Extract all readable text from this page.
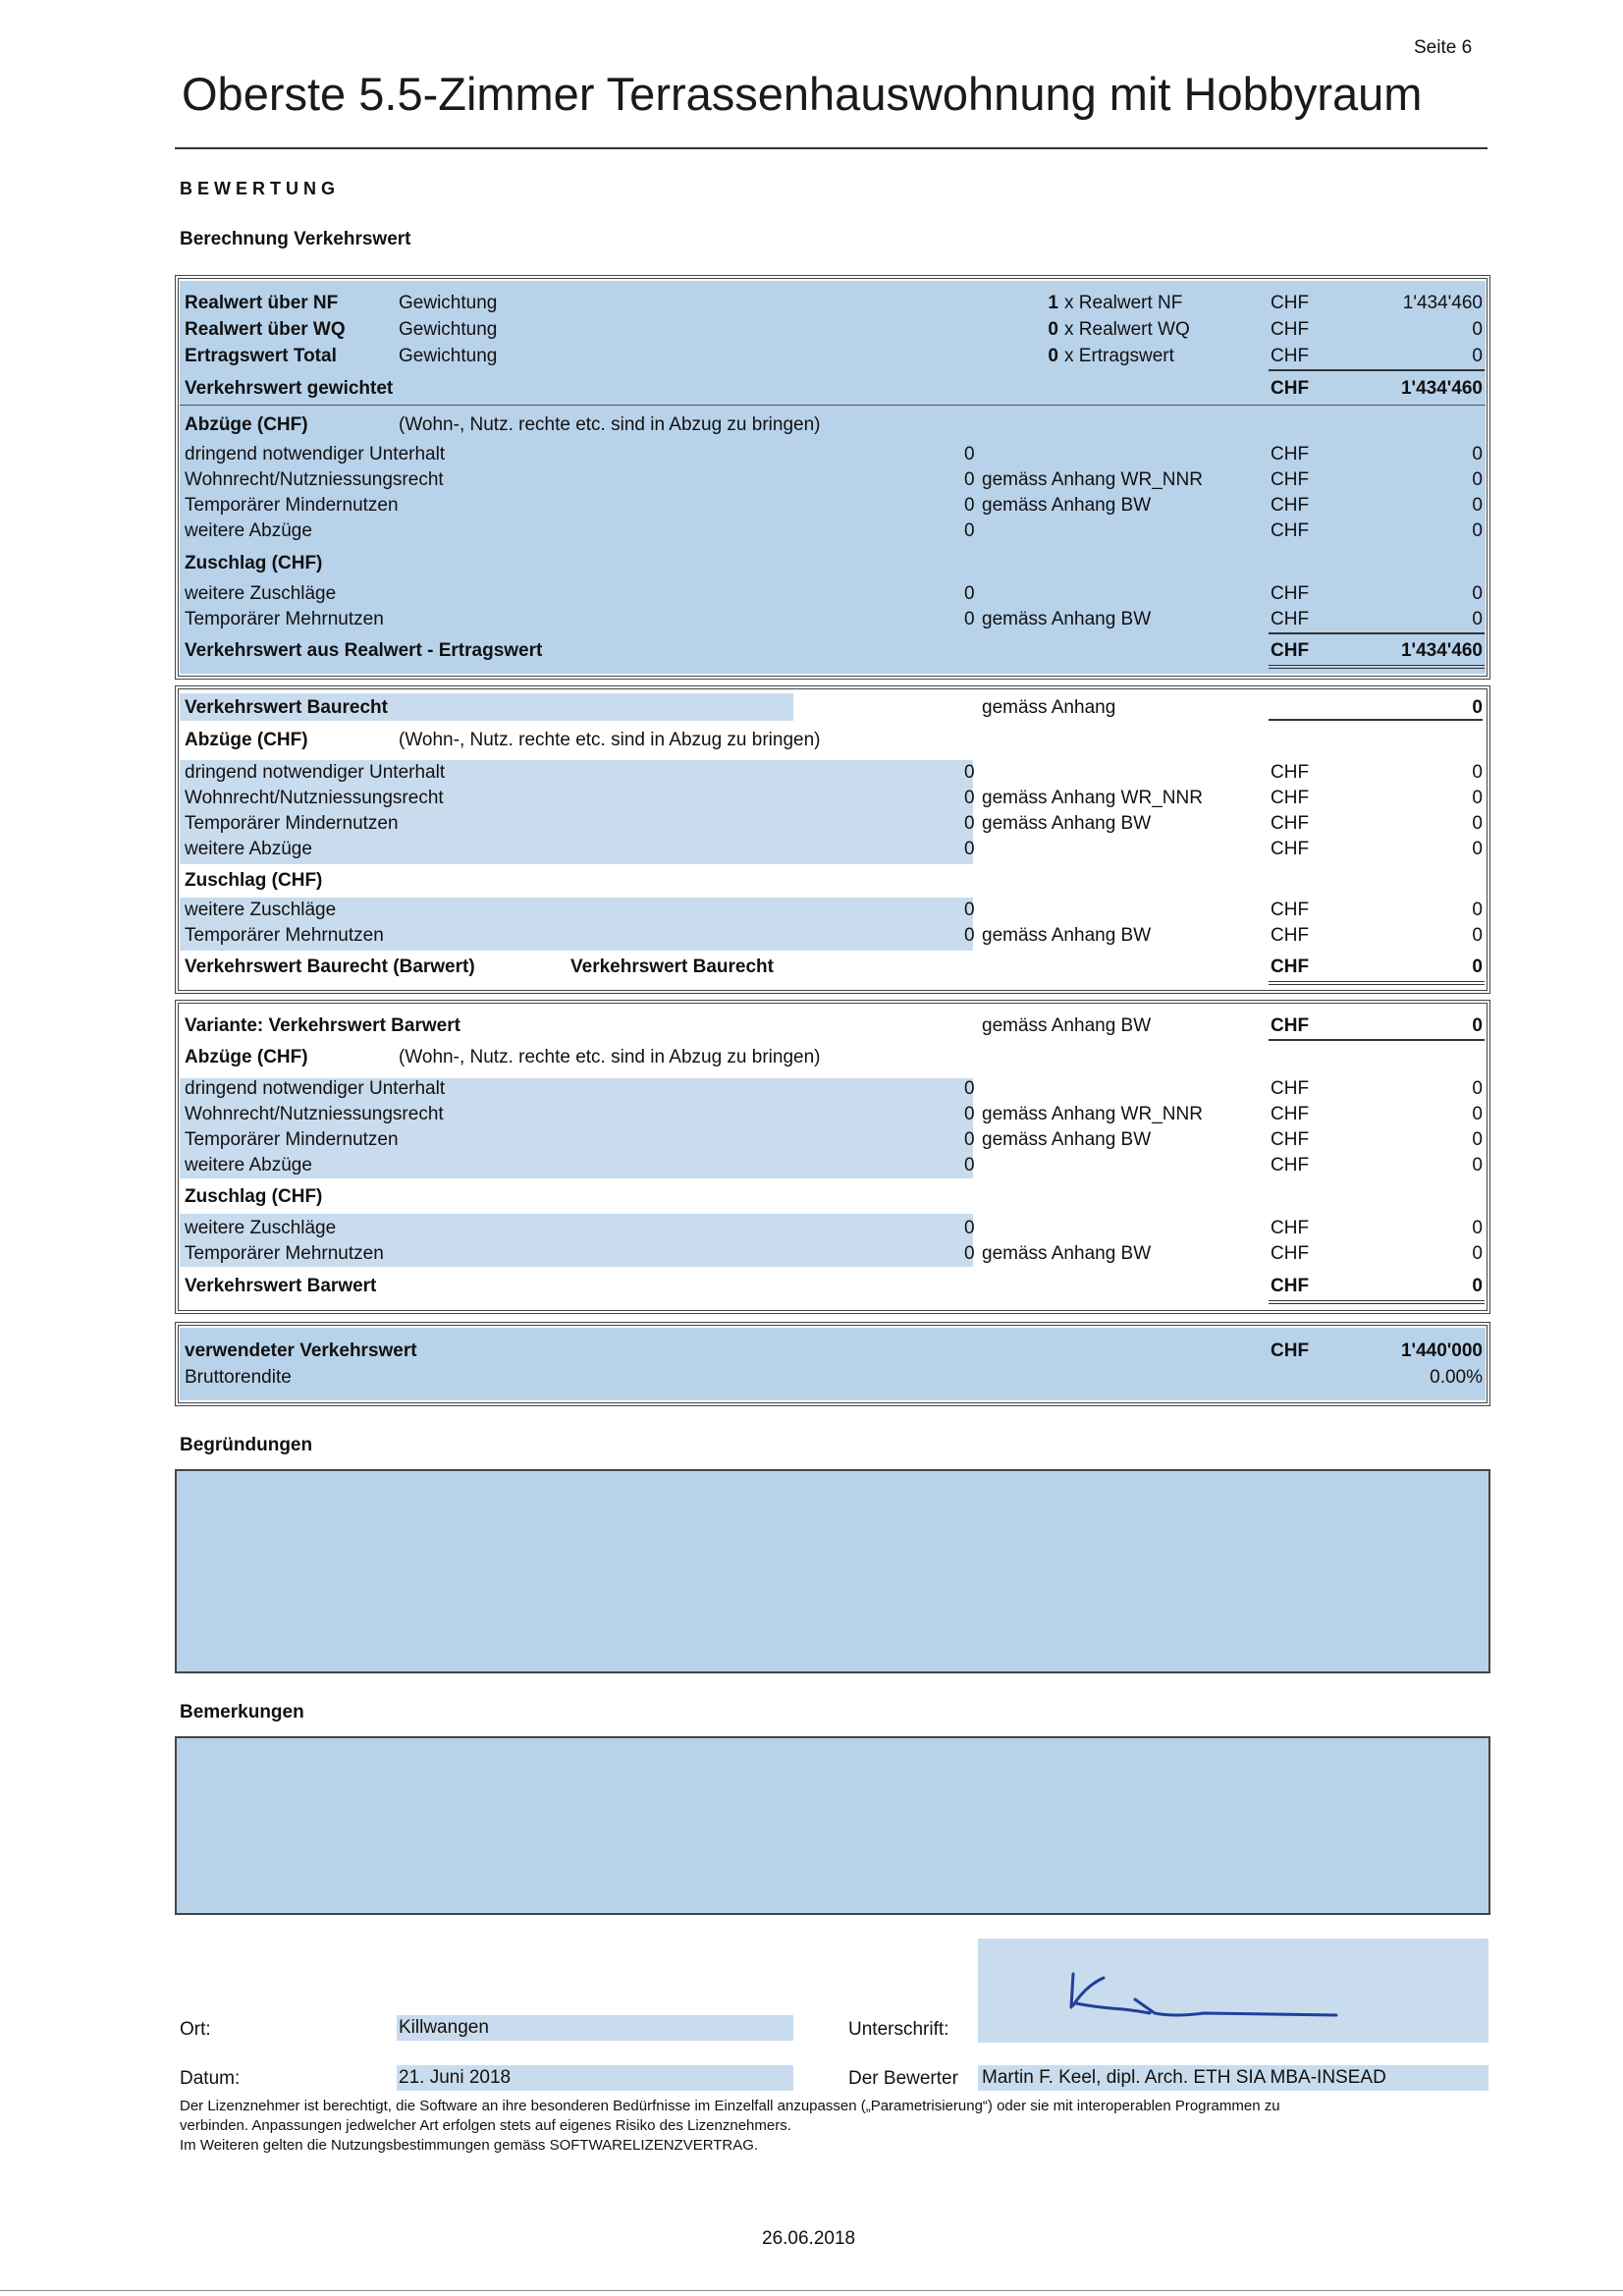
Seite 6
Oberste 5.5-Zimmer Terrassenhauswohnung mit Hobbyraum
BEWERTUNG
Berechnung Verkehrswert
Realwert über NF	Gewichtung	1 x Realwert NF	CHF	1'434'460
Realwert über WQ	Gewichtung	0 x Realwert WQ	CHF	0
Ertragswert Total	Gewichtung	0 x Ertragswert	CHF	0
Verkehrswert gewichtet	CHF	1'434'460
Abzüge (CHF)	(Wohn-, Nutz. rechte etc. sind in Abzug zu bringen)
dringend notwendiger Unterhalt	0	CHF	0
Wohnrecht/Nutzniessungsrecht	0 gemäss Anhang WR_NNR	CHF	0
Temporärer Mindernutzen	0 gemäss Anhang BW	CHF	0
weitere Abzüge	0	CHF	0
Zuschlag (CHF)
weitere Zuschläge	0	CHF	0
Temporärer Mehrnutzen	0 gemäss Anhang BW	CHF	0
Verkehrswert aus Realwert - Ertragswert	CHF	1'434'460
Verkehrswert Baurecht	gemäss Anhang	0
Abzüge (CHF)	(Wohn-, Nutz. rechte etc. sind in Abzug zu bringen)
dringend notwendiger Unterhalt	0	CHF	0
Wohnrecht/Nutzniessungsrecht	0 gemäss Anhang WR_NNR	CHF	0
Temporärer Mindernutzen	0 gemäss Anhang BW	CHF	0
weitere Abzüge	0	CHF	0
Zuschlag (CHF)
weitere Zuschläge	0	CHF	0
Temporärer Mehrnutzen	0 gemäss Anhang BW	CHF	0
Verkehrswert Baurecht (Barwert)	Verkehrswert Baurecht	CHF	0
Variante: Verkehrswert Barwert	gemäss Anhang BW	CHF	0
Abzüge (CHF)	(Wohn-, Nutz. rechte etc. sind in Abzug zu bringen)
dringend notwendiger Unterhalt	0	CHF	0
Wohnrecht/Nutzniessungsrecht	0 gemäss Anhang WR_NNR	CHF	0
Temporärer Mindernutzen	0 gemäss Anhang BW	CHF	0
weitere Abzüge	0	CHF	0
Zuschlag (CHF)
weitere Zuschläge	0	CHF	0
Temporärer Mehrnutzen	0 gemäss Anhang BW	CHF	0
Verkehrswert Barwert	CHF	0
verwendeter Verkehrswert	CHF	1'440'000
Bruttorendite	0.00%
Begründungen
Bemerkungen
Ort:	Killwangen	Unterschrift:
Datum:	21. Juni 2018	Der Bewerter Martin F. Keel, dipl. Arch. ETH SIA MBA-INSEAD
Der Lizenznehmer ist berechtigt, die Software an ihre besonderen Bedürfnisse im Einzelfall anzupassen („Parametrisierung“) oder sie mit interoperablen Programmen zu
verbinden. Anpassungen jedwelcher Art erfolgen stets auf eigenes Risiko des Lizenznehmers.
Im Weiteren gelten die Nutzungsbestimmungen gemäss SOFTWARELIZENZVERTRAG.
26.06.2018
